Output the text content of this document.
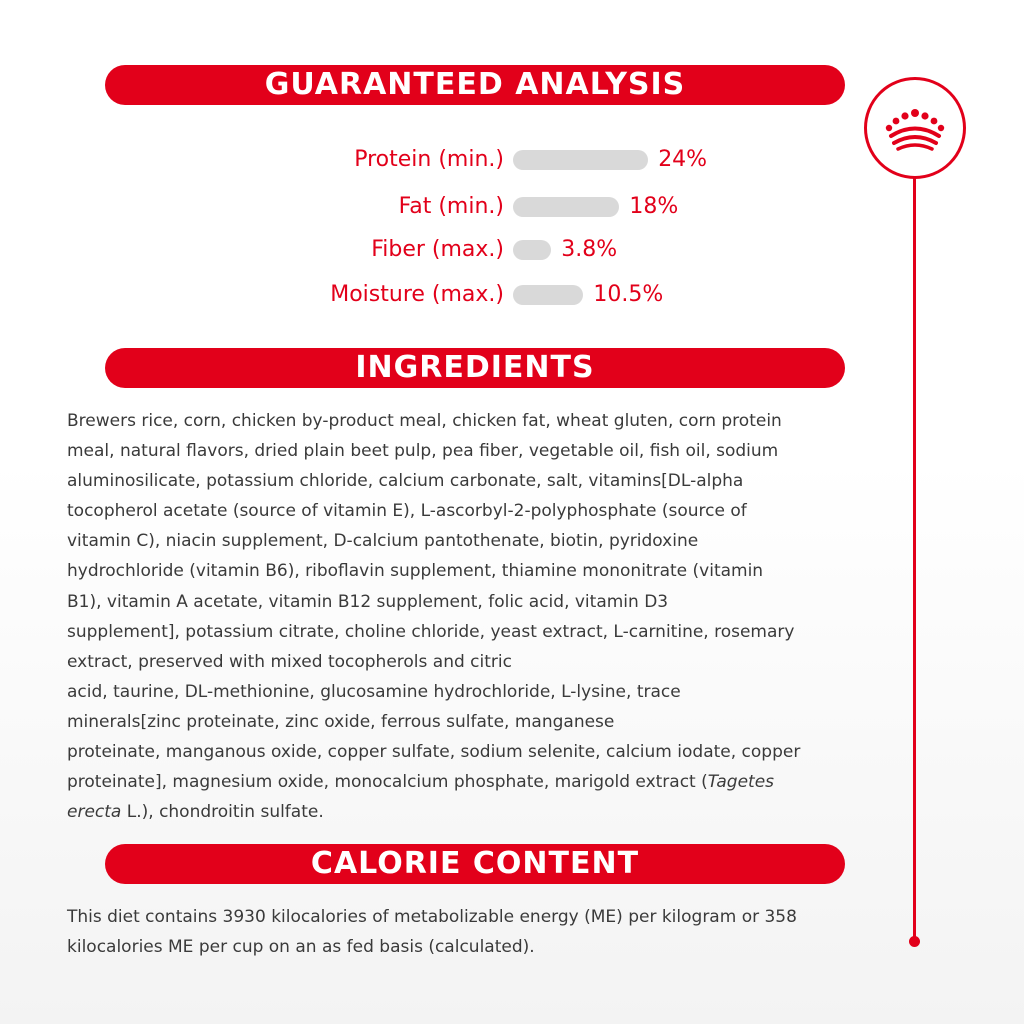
GUARANTEED ANALYSIS
Protein (min.)	24%
Fat (min.)	18%
Fiber (max.)	3.8%
Moisture (max.)	10.5%
INGREDIENTS
Brewers rice, corn, chicken by-product meal, chicken fat, wheat gluten, corn protein
meal, natural flavors, dried plain beet pulp, pea fiber, vegetable oil, fish oil, sodium
aluminosilicate, potassium chloride, calcium carbonate, salt, vitamins[DL-alpha
tocopherol acetate (source of vitamin E), L-ascorbyl-2-polyphosphate (source of
vitamin C), niacin supplement, D-calcium pantothenate, biotin, pyridoxine
hydrochloride (vitamin B6), riboflavin supplement, thiamine mononitrate (vitamin
B1), vitamin A acetate, vitamin B12 supplement, folic acid, vitamin D3
supplement], potassium citrate, choline chloride, yeast extract, L-carnitine, rosemary
extract, preserved with mixed tocopherols and citric
acid, taurine, DL-methionine, glucosamine hydrochloride, L-lysine, trace
minerals[zinc proteinate, zinc oxide, ferrous sulfate, manganese
proteinate, manganous oxide, copper sulfate, sodium selenite, calcium iodate, copper
proteinate], magnesium oxide, monocalcium phosphate, marigold extract (Tagetes
erecta L.), chondroitin sulfate.
CALORIE CONTENT
This diet contains 3930 kilocalories of metabolizable energy (ME) per kilogram or 358
kilocalories ME per cup on an as fed basis (calculated).
